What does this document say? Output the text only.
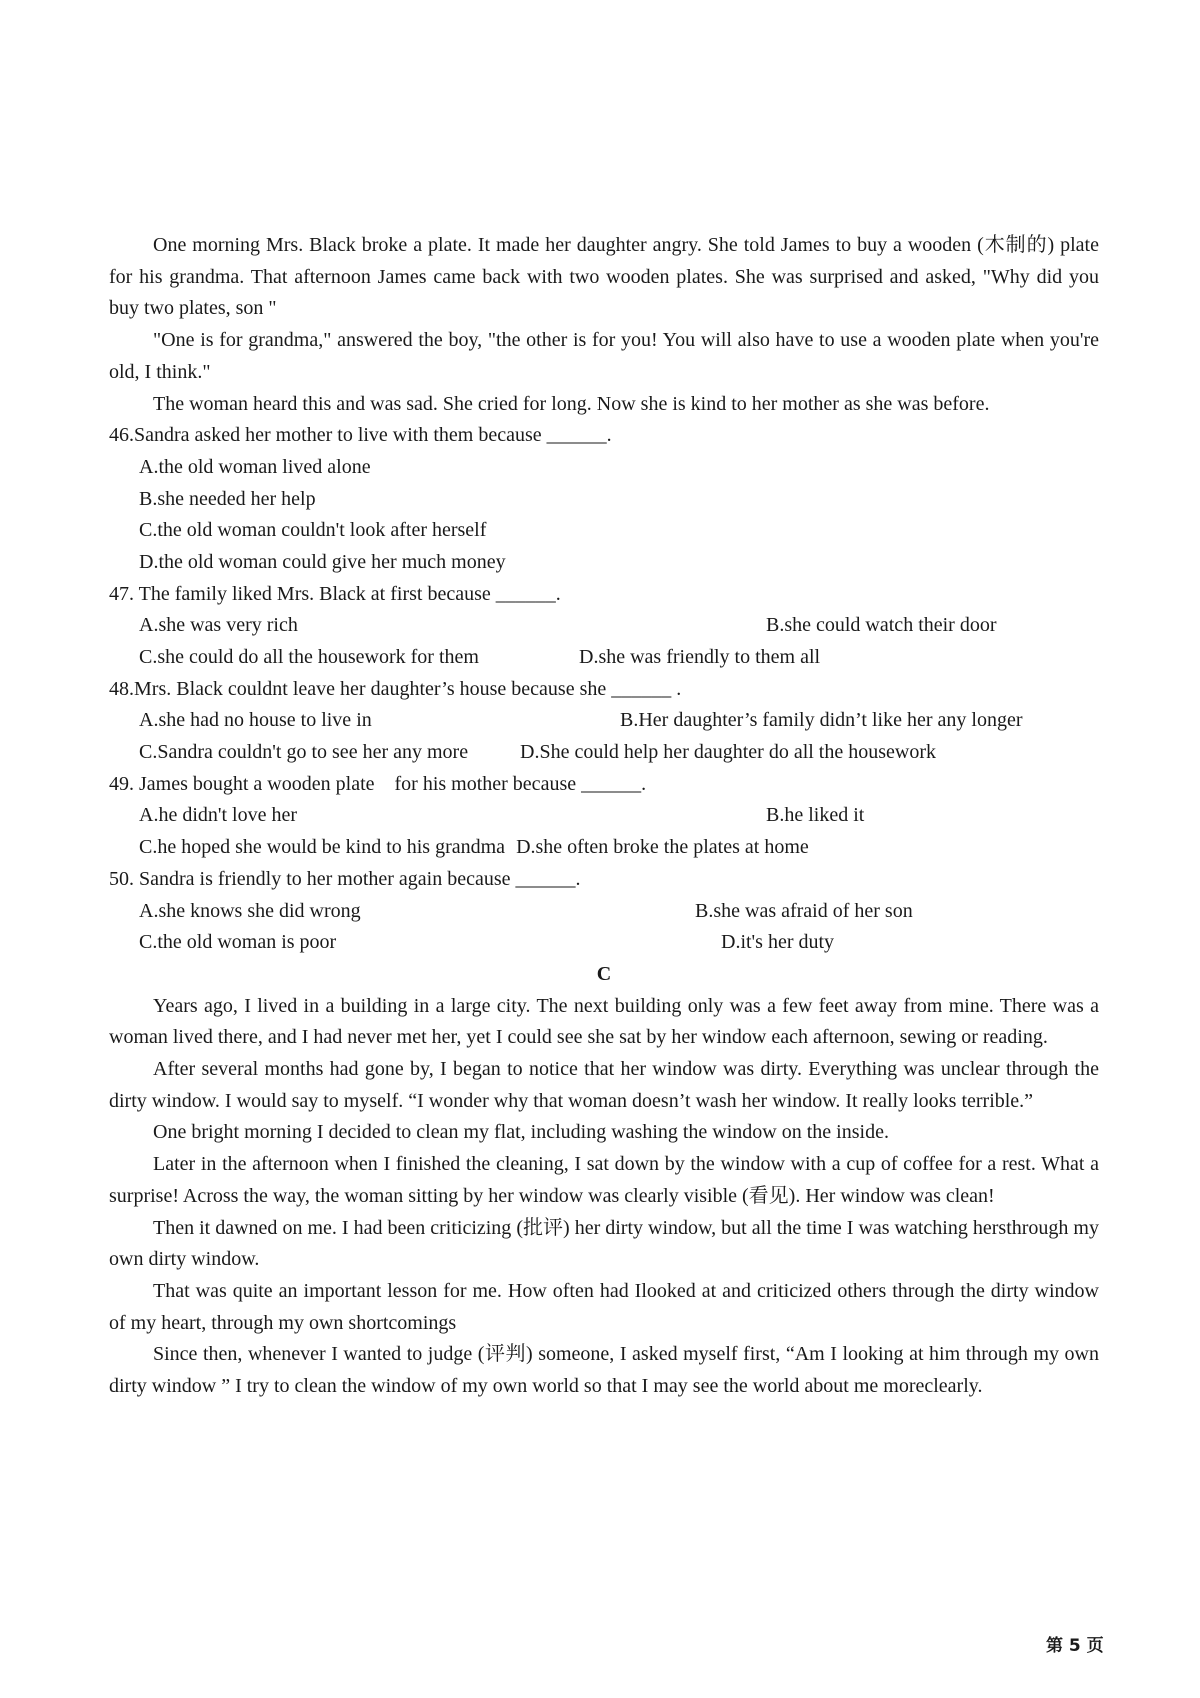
One morning Mrs. Black broke a plate. It made her daughter angry. She told James to buy a wooden (木制的) plate for his grandma. That afternoon James came back with two wooden plates. She was surprised and asked, "Why did you buy two plates, son "

"One is for grandma," answered the boy, "the other is for you! You will also have to use a wooden plate when you're old, I think."

The woman heard this and was sad. She cried for long. Now she is kind to her mother as she was before.

46.Sandra asked her mother to live with them because ______.
A.the old woman lived alone
B.she needed her help
C.the old woman couldn't look after herself
D.the old woman could give her much money
47. The family liked Mrs. Black at first because ______.
A.she was very rich	B.she could watch their door
C.she could do all the housework for them	D.she was friendly to them all
48.Mrs. Black couldnt leave her daughter’s house because she ______ .
A.she had no house to live in	B.Her daughter’s family didn’t like her any longer
C.Sandra couldn't go to see her any more	D.She could help her daughter do all the housework
49. James bought a wooden plate　for his mother because ______.
A.he didn't love her	B.he liked it
C.he hoped she would be kind to his grandma D.she often broke the plates at home
50. Sandra is friendly to her mother again because ______.
A.she knows she did wrong	B.she was afraid of her son
C.the old woman is poor	D.it's her duty
C

Years ago, I lived in a building in a large city. The next building only was a few feet away from mine. There was a woman lived there, and I had never met her, yet I could see she sat by her window each afternoon, sewing or reading.

After several months had gone by, I began to notice that her window was dirty. Everything was unclear through the dirty window. I would say to myself. “I wonder why that woman doesn’t wash her window. It really looks terrible.”

One bright morning I decided to clean my flat, including washing the window on the inside.

Later in the afternoon when I finished the cleaning, I sat down by the window with a cup of coffee for a rest. What a surprise! Across the way, the woman sitting by her window was clearly visible (看见). Her window was clean!

Then it dawned on me. I had been criticizing (批评) her dirty window, but all the time I was watching hersthrough my own dirty window.

That was quite an important lesson for me. How often had Ilooked at and criticized others through the dirty window of my heart, through my own shortcomings

Since then, whenever I wanted to judge (评判) someone, I asked myself first, “Am I looking at him through my own dirty window ” I try to clean the window of my own world so that I may see the world about me moreclearly.

第 5 页
